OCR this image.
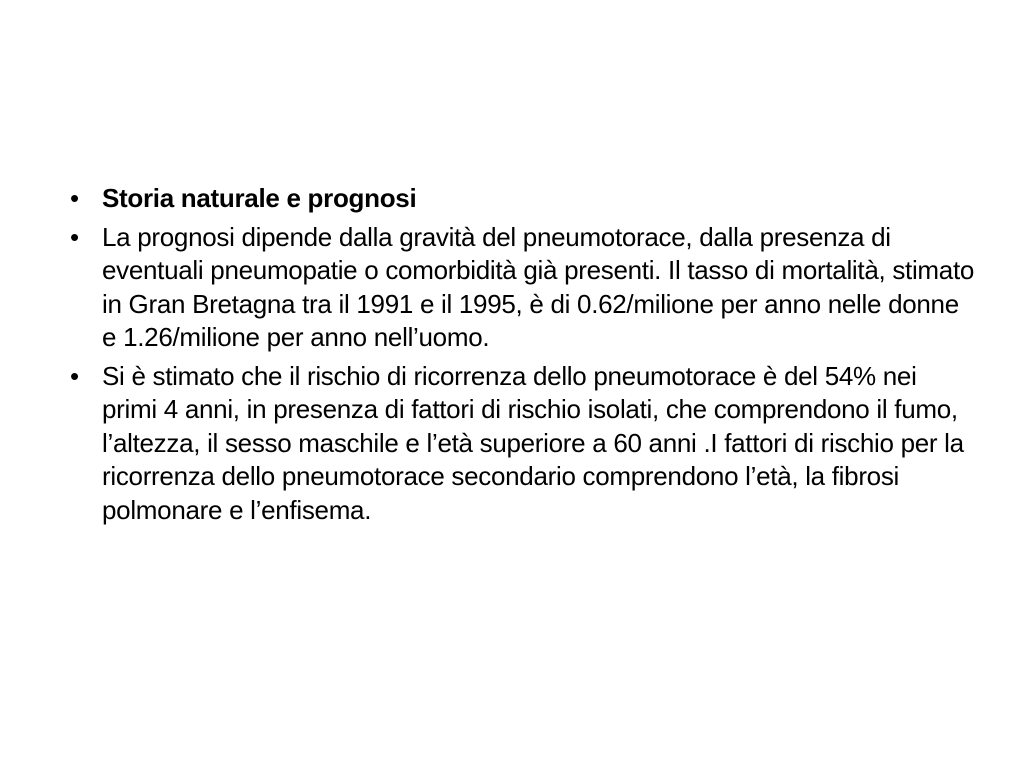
• Storia naturale e prognosi
• La prognosi dipende dalla gravità del pneumotorace, dalla presenza di eventuali pneumopatie o comorbidità già presenti. Il tasso di mortalità, stimato in Gran Bretagna tra il 1991 e il 1995, è di 0.62/milione per anno nelle donne e 1.26/milione per anno nell’uomo.
• Si è stimato che il rischio di ricorrenza dello pneumotorace è del 54% nei primi 4 anni, in presenza di fattori di rischio isolati, che comprendono il fumo, l’altezza, il sesso maschile e l’età superiore a 60 anni .I fattori di rischio per la ricorrenza dello pneumotorace secondario comprendono l’età, la fibrosi polmonare e l’enfisema.
